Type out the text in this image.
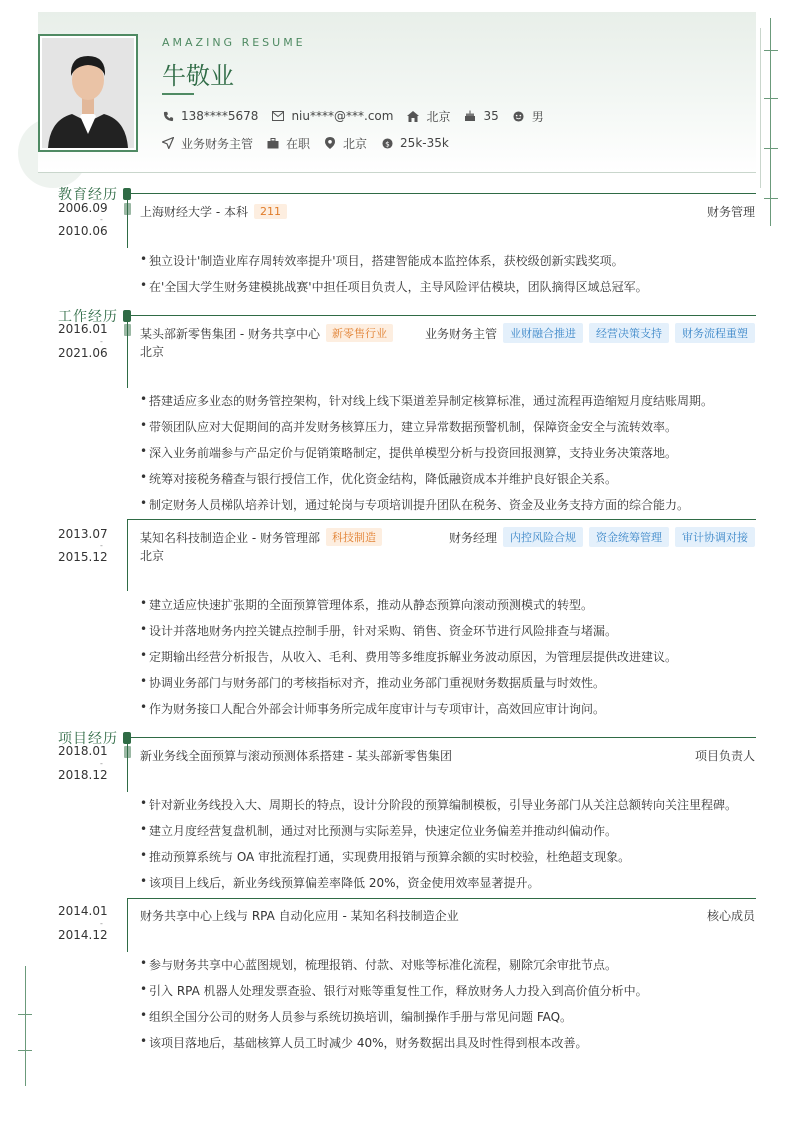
AMAZING RESUME
牛敬业
138****5678	niu****@***.com	北京	35	男
业务财务主管	在职	北京 $ 25k-35k
教育经历
2006.09
-
2010.06
上海财经大学 - 本科	211	财务管理
• 独立设计'制造业库存周转效率提升'项目，搭建智能成本监控体系，获校级创新实践奖项。
• 在'全国大学生财务建模挑战赛'中担任项目负责人，主导风险评估模块，团队摘得区域总冠军。
工作经历
2016.01
-
2021.06
某头部新零售集团 - 财务共享中心	新零售行业	业务财务主管	业财融合推进	经营决策支持	财务流程重塑
北京
• 搭建适应多业态的财务管控架构，针对线上线下渠道差异制定核算标准，通过流程再造缩短月度结账周期。
• 带领团队应对大促期间的高并发财务核算压力，建立异常数据预警机制，保障资金安全与流转效率。
• 深入业务前端参与产品定价与促销策略制定，提供单模型分析与投资回报测算，支持业务决策落地。
• 统筹对接税务稽查与银行授信工作，优化资金结构，降低融资成本并维护良好银企关系。
• 制定财务人员梯队培养计划，通过轮岗与专项培训提升团队在税务、资金及业务支持方面的综合能力。
2013.07
-
2015.12
某知名科技制造企业 - 财务管理部	科技制造	财务经理	内控风险合规	资金统筹管理	审计协调对接
北京
• 建立适应快速扩张期的全面预算管理体系，推动从静态预算向滚动预测模式的转型。
• 设计并落地财务内控关键点控制手册，针对采购、销售、资金环节进行风险排查与堵漏。
• 定期输出经营分析报告，从收入、毛利、费用等多维度拆解业务波动原因，为管理层提供改进建议。
• 协调业务部门与财务部门的考核指标对齐，推动业务部门重视财务数据质量与时效性。
• 作为财务接口人配合外部会计师事务所完成年度审计与专项审计，高效回应审计询问。
项目经历
2018.01
-
2018.12
新业务线全面预算与滚动预测体系搭建 - 某头部新零售集团	项目负责人
• 针对新业务线投入大、周期长的特点，设计分阶段的预算编制模板，引导业务部门从关注总额转向关注里程碑。
• 建立月度经营复盘机制，通过对比预测与实际差异，快速定位业务偏差并推动纠偏动作。
• 推动预算系统与 OA 审批流程打通，实现费用报销与预算余额的实时校验，杜绝超支现象。
• 该项目上线后，新业务线预算偏差率降低 20%，资金使用效率显著提升。
2014.01
-
2014.12
财务共享中心上线与 RPA 自动化应用 - 某知名科技制造企业	核心成员
• 参与财务共享中心蓝图规划，梳理报销、付款、对账等标准化流程，剔除冗余审批节点。
• 引入 RPA 机器人处理发票查验、银行对账等重复性工作，释放财务人力投入到高价值分析中。
• 组织全国分公司的财务人员参与系统切换培训，编制操作手册与常见问题 FAQ。
• 该项目落地后，基础核算人员工时减少 40%，财务数据出具及时性得到根本改善。
